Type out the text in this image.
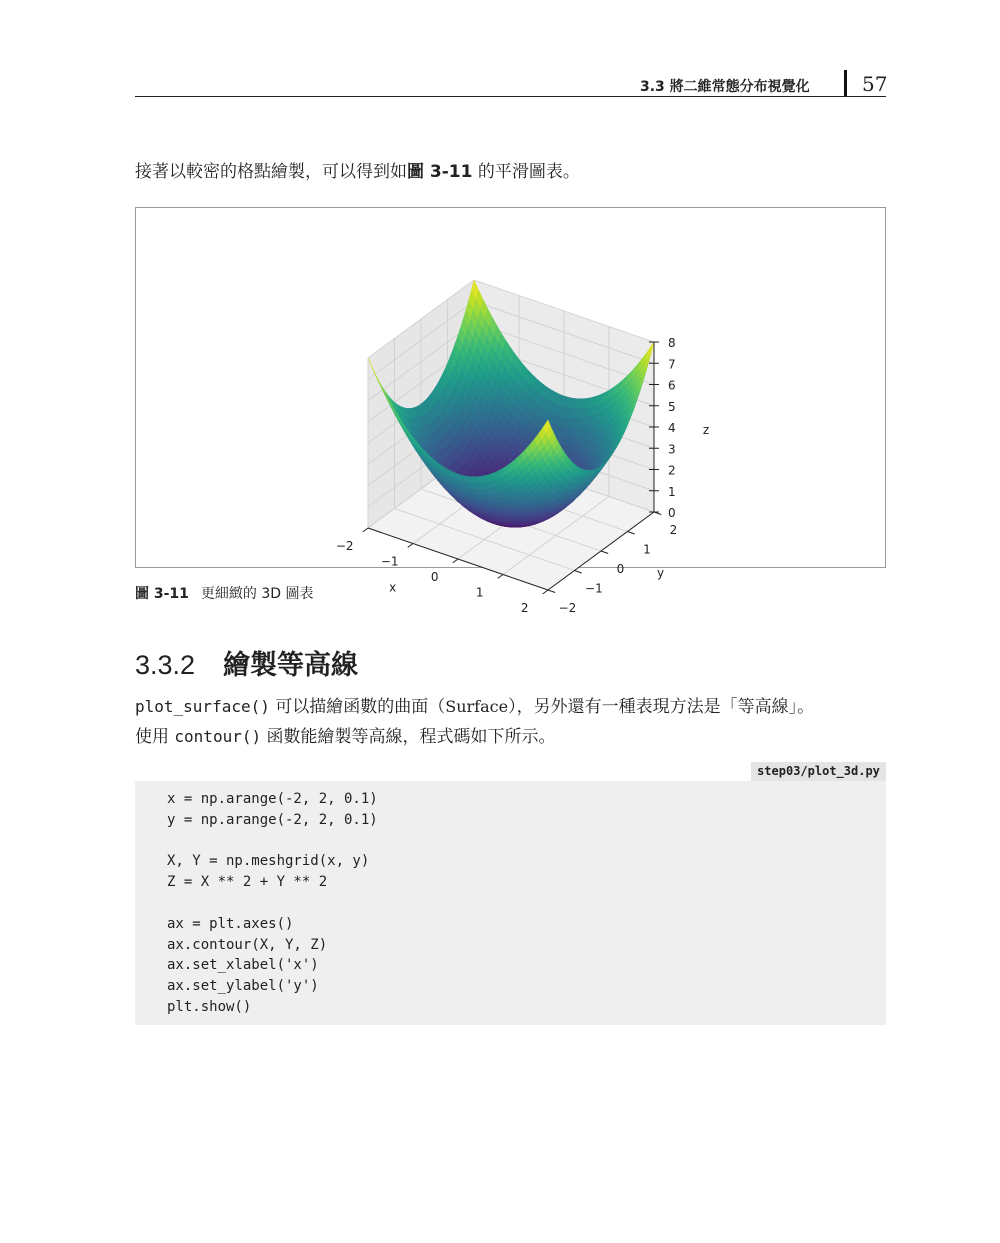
3.3 將二維常態分布視覺化	57
接著以較密的格點繪製，可以得到如圖 3-11 的平滑圖表。
−2
−1
0
1
2	−2
−1
0
1
2
0
1
2
3
4
5
6
7
8
x
y
z
圖 3-11 更細緻的 3D 圖表
3.3.2 繪製等高線
plot_surface() 可以描繪函數的曲面（Surface），另外還有一種表現方法是「等高線」。
使用 contour() 函數能繪製等高線，程式碼如下所示。
step03/plot_3d.py
x = np.arange(-2, 2, 0.1)
y = np.arange(-2, 2, 0.1)
X, Y = np.meshgrid(x, y)
Z = X ** 2 + Y ** 2
ax = plt.axes()
ax.contour(X, Y, Z)
ax.set_xlabel('x')
ax.set_ylabel('y')
plt.show()
